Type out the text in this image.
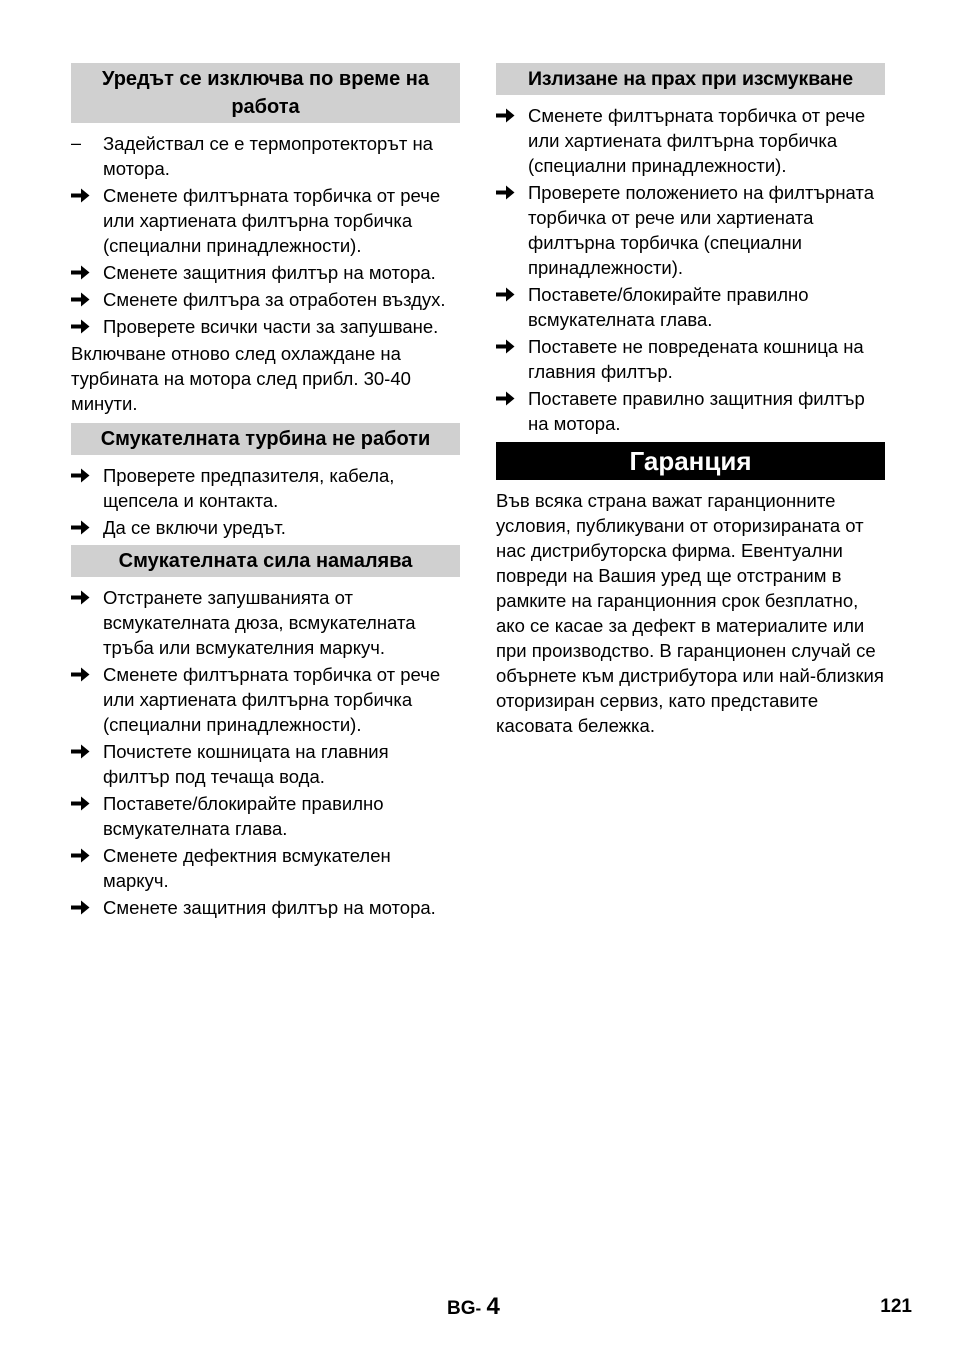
Уредът се изключва по време на работа
–	Задействал се е термопротекторът на мотора.
Сменете филтърната торбичка от рече или хартиената филтърна торбичка (специални принадлежности).
Сменете защитния филтър на мотора.
Сменете филтъра за отработен въздух.
Проверете всички части за запушване.

Включване отново след охлаждане на турбината на мотора след прибл. 30-40 минути.

Смукателната турбина не работи
Проверете предпазителя, кабела, щепсела и контакта.
Да се включи уредът.
Смукателната сила намалява
Отстранете запушванията от всмукателната дюза, всмукателната тръба или всмукателния маркуч.
Сменете филтърната торбичка от рече или хартиената филтърна торбичка (специални принадлежности).
Почистете кошницата на главния филтър под течаща вода.
Поставете/блокирайте правилно всмукателната глава.
Сменете дефектния всмукателен маркуч.
Сменете защитния филтър на мотора.
Излизане на прах при изсмукване
Сменете филтърната торбичка от рече или хартиената филтърна торбичка (специални принадлежности).
Проверете положението на филтърната торбичка от рече или хартиената филтърна торбичка (специални принадлежности).
Поставете/блокирайте правилно всмукателната глава.
Поставете не повредената кошница на главния филтър.
Поставете правилно защитния филтър на мотора.
Гаранция

Във всяка страна важат гаранционните условия, публикувани от оторизираната от нас дистрибуторска фирма. Евентуални повреди на Вашия уред ще отстраним в рамките на гаранционния срок безплатно, ако се касае за дефект в материалите или при производство. В гаранционен случай се обърнете към дистрибутора или най-близкия оторизиран сервиз, като представите касовата бележка.

BG- 4	121
